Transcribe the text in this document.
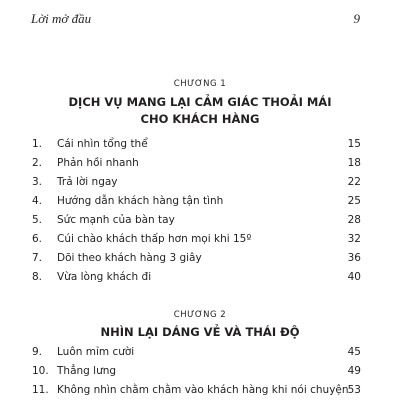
Lời mở đầu	9
CHƯƠNG 1
DỊCH VỤ MANG LẠI CẢM GIÁC THOẢI MÁI
CHO KHÁCH HÀNG
1. Cái nhìn tổng thể	15
2. Phản hồi nhanh	18
3. Trả lời ngay	22
4. Hướng dẫn khách hàng tận tình	25
5. Sức mạnh của bàn tay	28
6. Cúi chào khách thấp hơn mọi khi 15º	32
7. Dõi theo khách hàng 3 giây	36
8. Vừa lòng khách đi	40
CHƯƠNG 2
NHÌN LẠI DÁNG VẺ VÀ THÁI ĐỘ
9. Luôn mỉm cười	45
10. Thẳng lưng	49
11. Không nhìn chằm chằm vào khách hàng khi nói chuyện 53
